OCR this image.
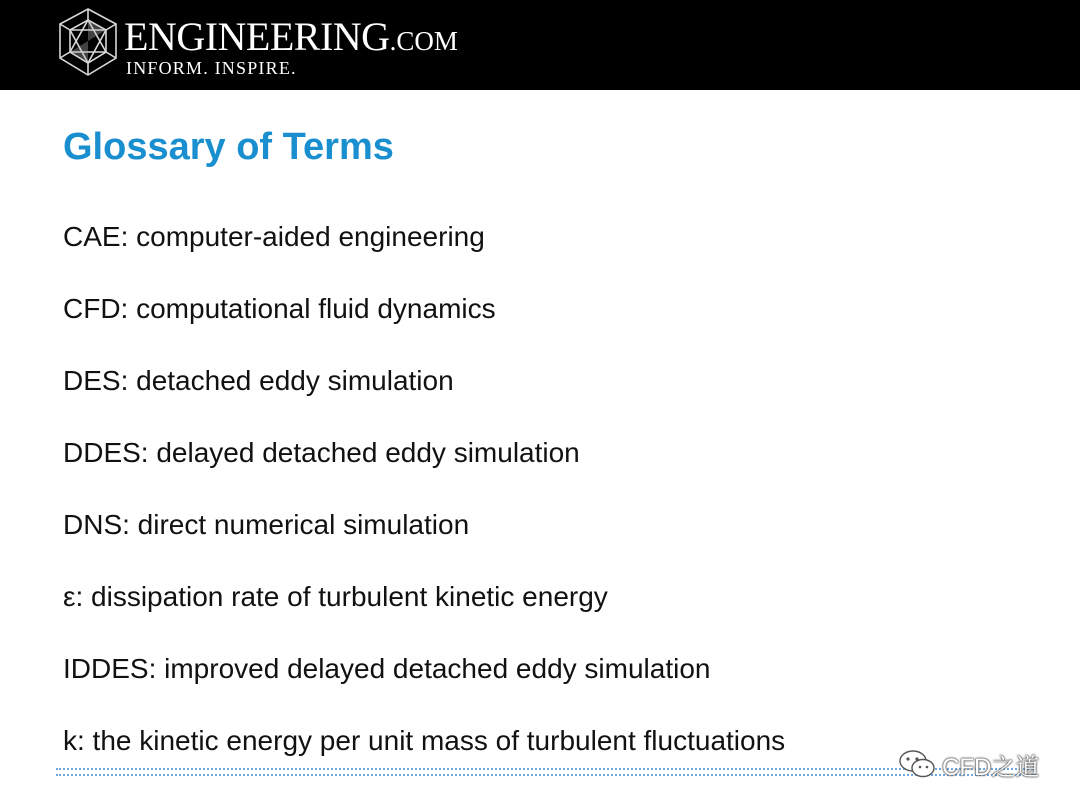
ENGINEERING.COM
INFORM. INSPIRE.
Glossary of Terms
CAE: computer-aided engineering
CFD: computational fluid dynamics
DES: detached eddy simulation
DDES: delayed detached eddy simulation
DNS: direct numerical simulation
ε: dissipation rate of turbulent kinetic energy
IDDES: improved delayed detached eddy simulation
k: the kinetic energy per unit mass of turbulent fluctuations
CFD之道
